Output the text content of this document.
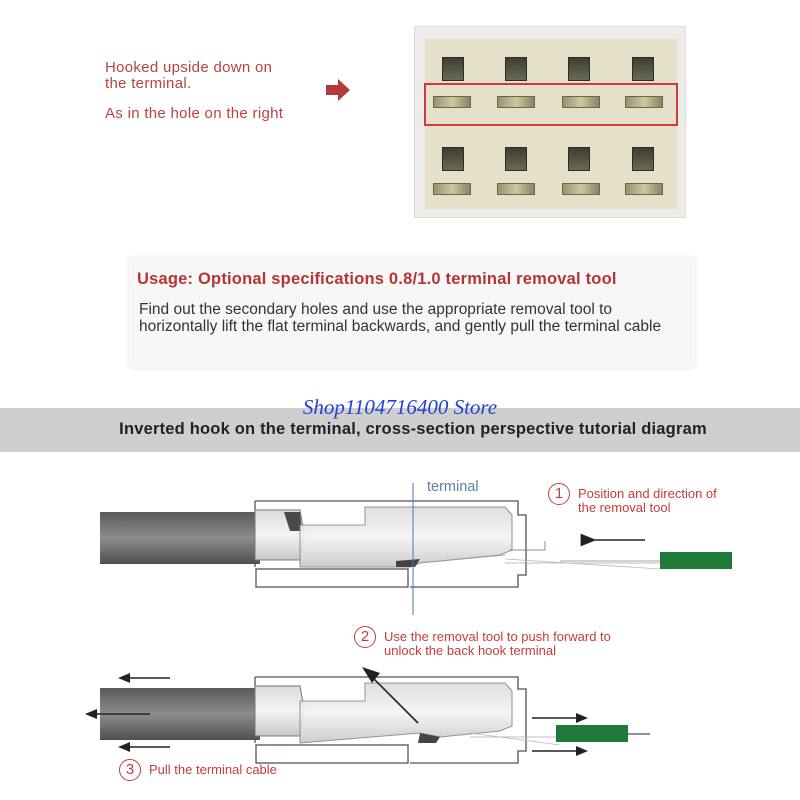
Hooked upside down on
the terminal.
As in the hole on the right
Usage: Optional specifications 0.8/1.0 terminal removal tool
Find out the secondary holes and use the appropriate removal tool to horizontally lift the flat terminal backwards, and gently pull the terminal cable
Inverted hook on the terminal, cross-section perspective tutorial diagram
Shop1104716400 Store
terminal	1	Position and direction of
the removal tool
2	Use the removal tool to push forward to
unlock the back hook terminal
3	Pull the terminal cable
